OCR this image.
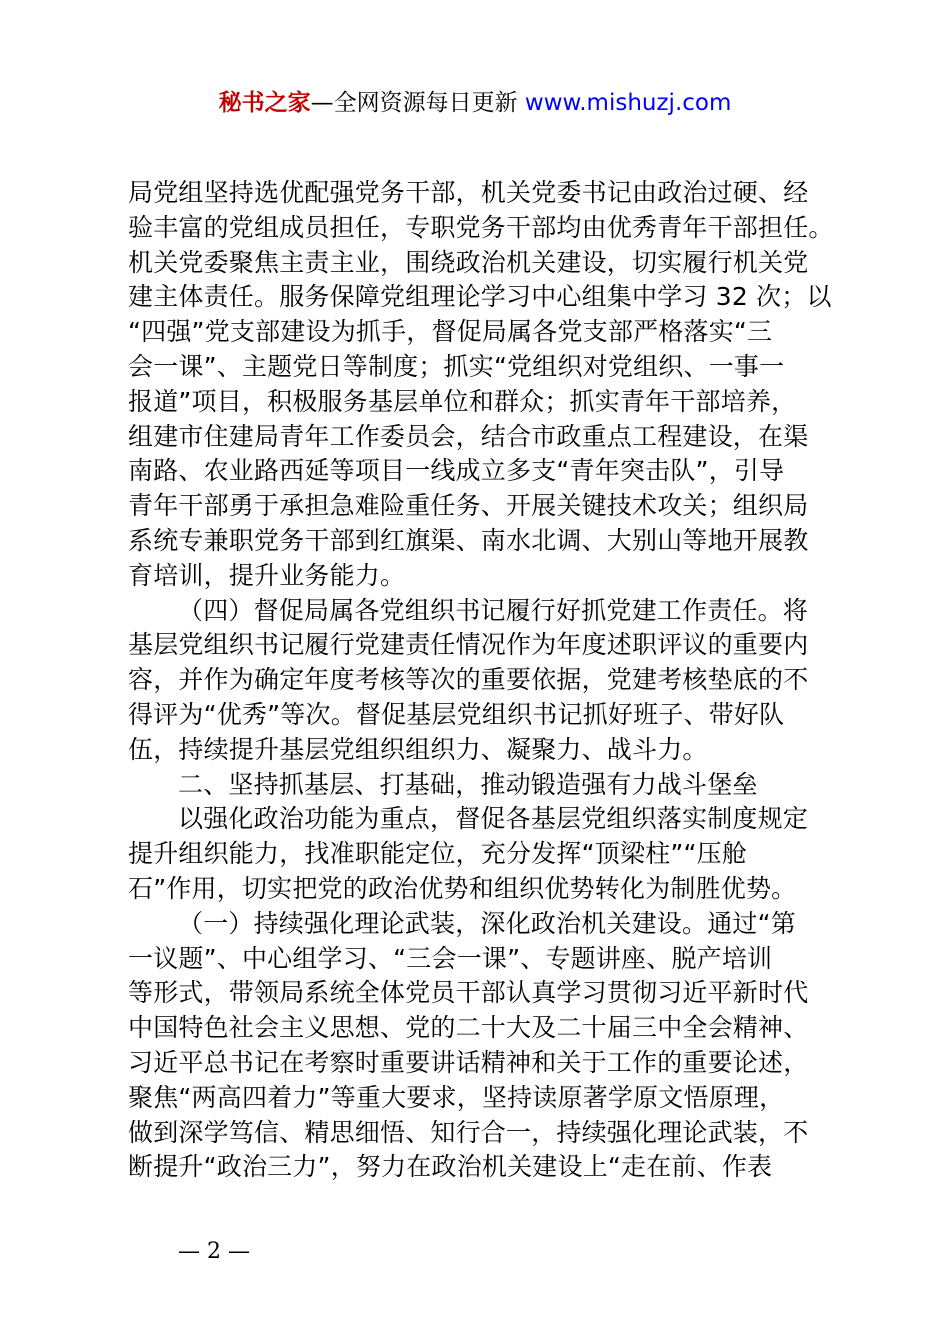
秘书之家—全网资源每日更新 www.mishuzj.com
局党组坚持选优配强党务干部，机关党委书记由政治过硬、经
验丰富的党组成员担任，专职党务干部均由优秀青年干部担任。
机关党委聚焦主责主业，围绕政治机关建设，切实履行机关党
建主体责任。服务保障党组理论学习中心组集中学习 32 次；以
“四强”党支部建设为抓手，督促局属各党支部严格落实“三
会一课”、主题党日等制度；抓实“党组织对党组织、一事一
报道”项目，积极服务基层单位和群众；抓实青年干部培养，
组建市住建局青年工作委员会，结合市政重点工程建设，在渠
南路、农业路西延等项目一线成立多支“青年突击队”，引导
青年干部勇于承担急难险重任务、开展关键技术攻关；组织局
系统专兼职党务干部到红旗渠、南水北调、大别山等地开展教
育培训，提升业务能力。
（四）督促局属各党组织书记履行好抓党建工作责任。将
基层党组织书记履行党建责任情况作为年度述职评议的重要内
容，并作为确定年度考核等次的重要依据，党建考核垫底的不
得评为“优秀”等次。督促基层党组织书记抓好班子、带好队
伍，持续提升基层党组织组织力、凝聚力、战斗力。
二、坚持抓基层、打基础，推动锻造强有力战斗堡垒
以强化政治功能为重点，督促各基层党组织落实制度规定
提升组织能力，找准职能定位，充分发挥“顶梁柱”“压舱
石”作用，切实把党的政治优势和组织优势转化为制胜优势。
（一）持续强化理论武装，深化政治机关建设。通过“第
一议题”、中心组学习、“三会一课”、专题讲座、脱产培训
等形式，带领局系统全体党员干部认真学习贯彻习近平新时代
中国特色社会主义思想、党的二十大及二十届三中全会精神、
习近平总书记在考察时重要讲话精神和关于工作的重要论述，
聚焦“两高四着力”等重大要求，坚持读原著学原文悟原理，
做到深学笃信、精思细悟、知行合一，持续强化理论武装，不
断提升“政治三力”，努力在政治机关建设上“走在前、作表
— 2 —
